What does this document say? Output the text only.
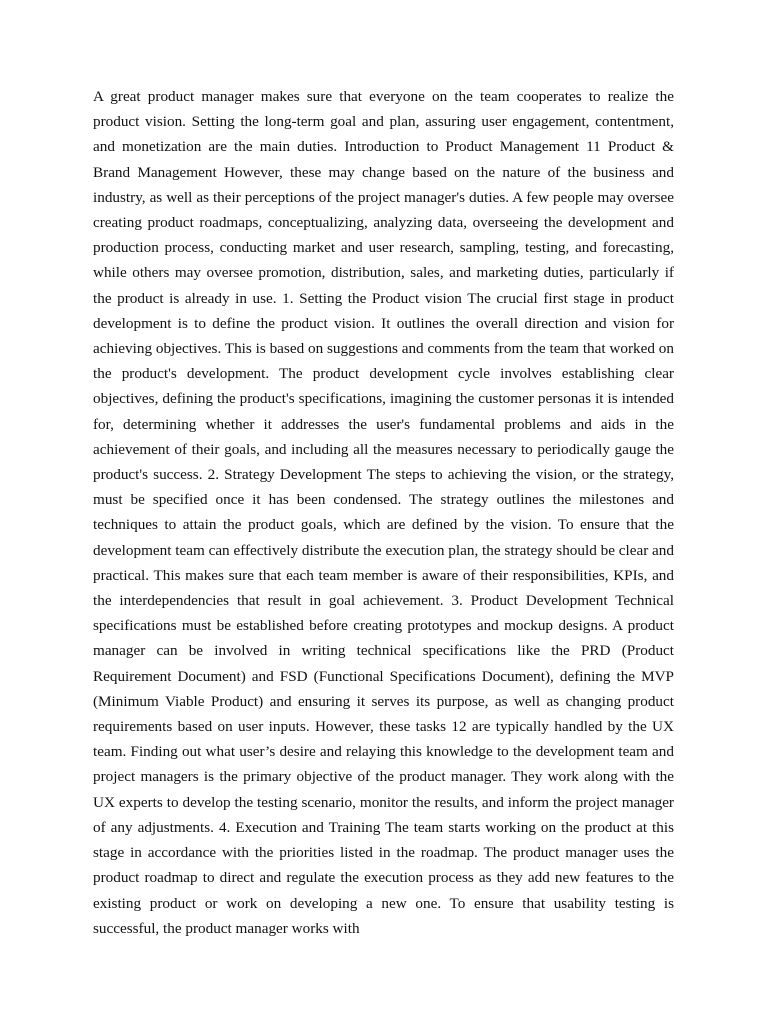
A great product manager makes sure that everyone on the team cooperates to realize the product vision. Setting the long-term goal and plan, assuring user engagement, contentment, and monetization are the main duties. Introduction to Product Management 11 Product & Brand Management However, these may change based on the nature of the business and industry, as well as their perceptions of the project manager's duties. A few people may oversee creating product roadmaps, conceptualizing, analyzing data, overseeing the development and production process, conducting market and user research, sampling, testing, and forecasting, while others may oversee promotion, distribution, sales, and marketing duties, particularly if the product is already in use. 1. Setting the Product vision The crucial first stage in product development is to define the product vision. It outlines the overall direction and vision for achieving objectives. This is based on suggestions and comments from the team that worked on the product's development. The product development cycle involves establishing clear objectives, defining the product's specifications, imagining the customer personas it is intended for, determining whether it addresses the user's fundamental problems and aids in the achievement of their goals, and including all the measures necessary to periodically gauge the product's success. 2. Strategy Development The steps to achieving the vision, or the strategy, must be specified once it has been condensed. The strategy outlines the milestones and techniques to attain the product goals, which are defined by the vision. To ensure that the development team can effectively distribute the execution plan, the strategy should be clear and practical. This makes sure that each team member is aware of their responsibilities, KPIs, and the interdependencies that result in goal achievement. 3. Product Development Technical specifications must be established before creating prototypes and mockup designs. A product manager can be involved in writing technical specifications like the PRD (Product Requirement Document) and FSD (Functional Specifications Document), defining the MVP (Minimum Viable Product) and ensuring it serves its purpose, as well as changing product requirements based on user inputs. However, these tasks 12 are typically handled by the UX team. Finding out what user’s desire and relaying this knowledge to the development team and project managers is the primary objective of the product manager. They work along with the UX experts to develop the testing scenario, monitor the results, and inform the project manager of any adjustments. 4. Execution and Training The team starts working on the product at this stage in accordance with the priorities listed in the roadmap. The product manager uses the product roadmap to direct and regulate the execution process as they add new features to the existing product or work on developing a new one. To ensure that usability testing is successful, the product manager works with
